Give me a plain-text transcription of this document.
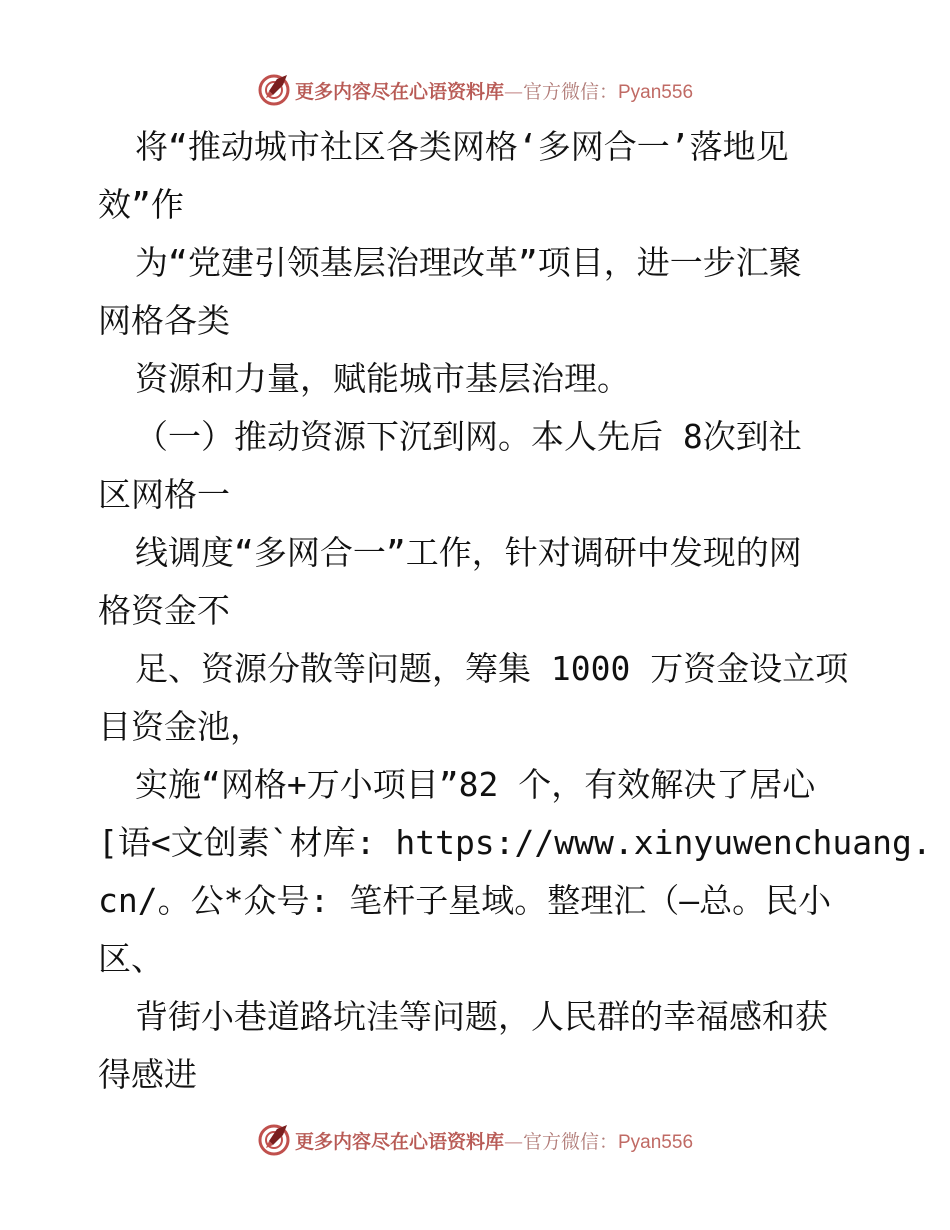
更多内容尽在心语资料库—官方微信：Pyan556
将“推动城市社区各类网格‘多网合一’落地见
效”作
为“党建引领基层治理改革”项目，进一步汇聚
网格各类
资源和力量，赋能城市基层治理。
（一）推动资源下沉到网。本人先后 8次到社
区网格一
线调度“多网合一”工作，针对调研中发现的网
格资金不
足、资源分散等问题，筹集 1000 万资金设立项
目资金池，
实施“网格+万小项目”82 个，有效解决了居心
[语<文创素`材库: https://www.xinyuwenchuang.
cn/。公*众号: 笔杆子星域。整理汇（—总。民小
区、
背街小巷道路坑洼等问题，人民群的幸福感和获
得感进
更多内容尽在心语资料库—官方微信：Pyan556
